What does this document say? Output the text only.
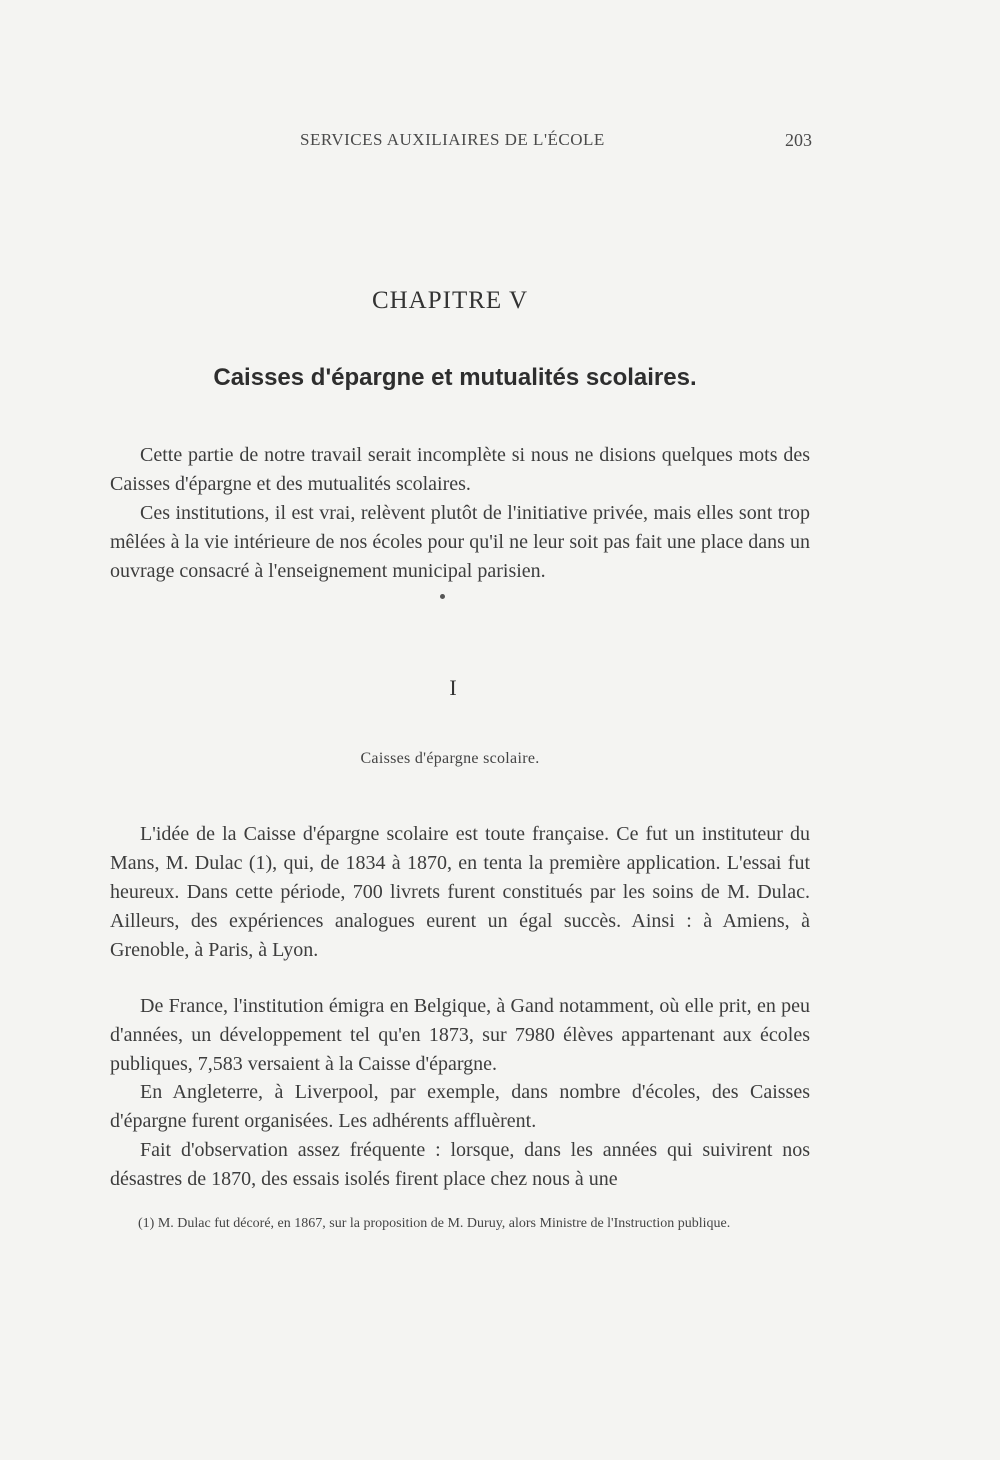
SERVICES AUXILIAIRES DE L'ÉCOLE	203
CHAPITRE V
Caisses d'épargne et mutualités scolaires.

Cette partie de notre travail serait incomplète si nous ne disions quelques mots des Caisses d'épargne et des mutualités scolaires.

Ces institutions, il est vrai, relèvent plutôt de l'initiative privée, mais elles sont trop mêlées à la vie intérieure de nos écoles pour qu'il ne leur soit pas fait une place dans un ouvrage consacré à l'enseignement municipal parisien.

I
Caisses d'épargne scolaire.

L'idée de la Caisse d'épargne scolaire est toute française. Ce fut un instituteur du Mans, M. Dulac (1), qui, de 1834 à 1870, en tenta la première application. L'essai fut heureux. Dans cette période, 700 livrets furent constitués par les soins de M. Dulac. Ailleurs, des expériences analogues eurent un égal succès. Ainsi : à Amiens, à Grenoble, à Paris, à Lyon.

De France, l'institution émigra en Belgique, à Gand notamment, où elle prit, en peu d'années, un développement tel qu'en 1873, sur 7980 élèves appartenant aux écoles publiques, 7,583 versaient à la Caisse d'épargne.

En Angleterre, à Liverpool, par exemple, dans nombre d'écoles, des Caisses d'épargne furent organisées. Les adhérents affluèrent.

Fait d'observation assez fréquente : lorsque, dans les années qui suivirent nos désastres de 1870, des essais isolés firent place chez nous à une

(1) M. Dulac fut décoré, en 1867, sur la proposition de M. Duruy, alors Ministre de l'Instruction publique.
